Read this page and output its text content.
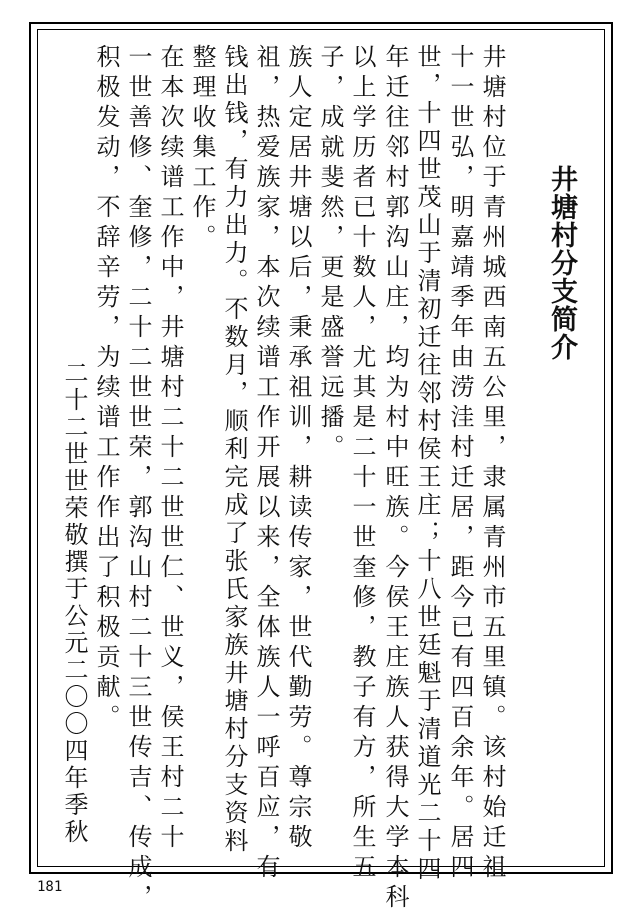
井塘村分支简介
井塘村位于青州城西南五公里，隶属青州市五里镇。该村始迁祖
十一世弘，明嘉靖季年由涝洼村迁居，距今已有四百余年。居四
世，十四世茂山于清初迁往邻村侯王庄；十八世廷魁于清道光二十四
年迁往邻村郭沟山庄，均为村中旺族。今侯王庄族人获得大学本科
以上学历者已十数人，尤其是二十一世奎修，教子有方，所生五
子，成就斐然，更是盛誉远播。
族人定居井塘以后，秉承祖训，耕读传家，世代勤劳。尊宗敬
祖，热爱族家，本次续谱工作开展以来，全体族人一呼百应，有
钱出钱，有力出力。不数月，顺利完成了张氏家族井塘村分支资料
整理收集工作。
在本次续谱工作中，井塘村二十二世世仁、世义，侯王村二十
一世善修、奎修，二十二世世荣，郭沟山村二十三世传吉、传成，
积极发动，不辞辛劳，为续谱工作作出了积极贡献。
二十二世世荣敬撰于公元二〇〇四年季秋
181
